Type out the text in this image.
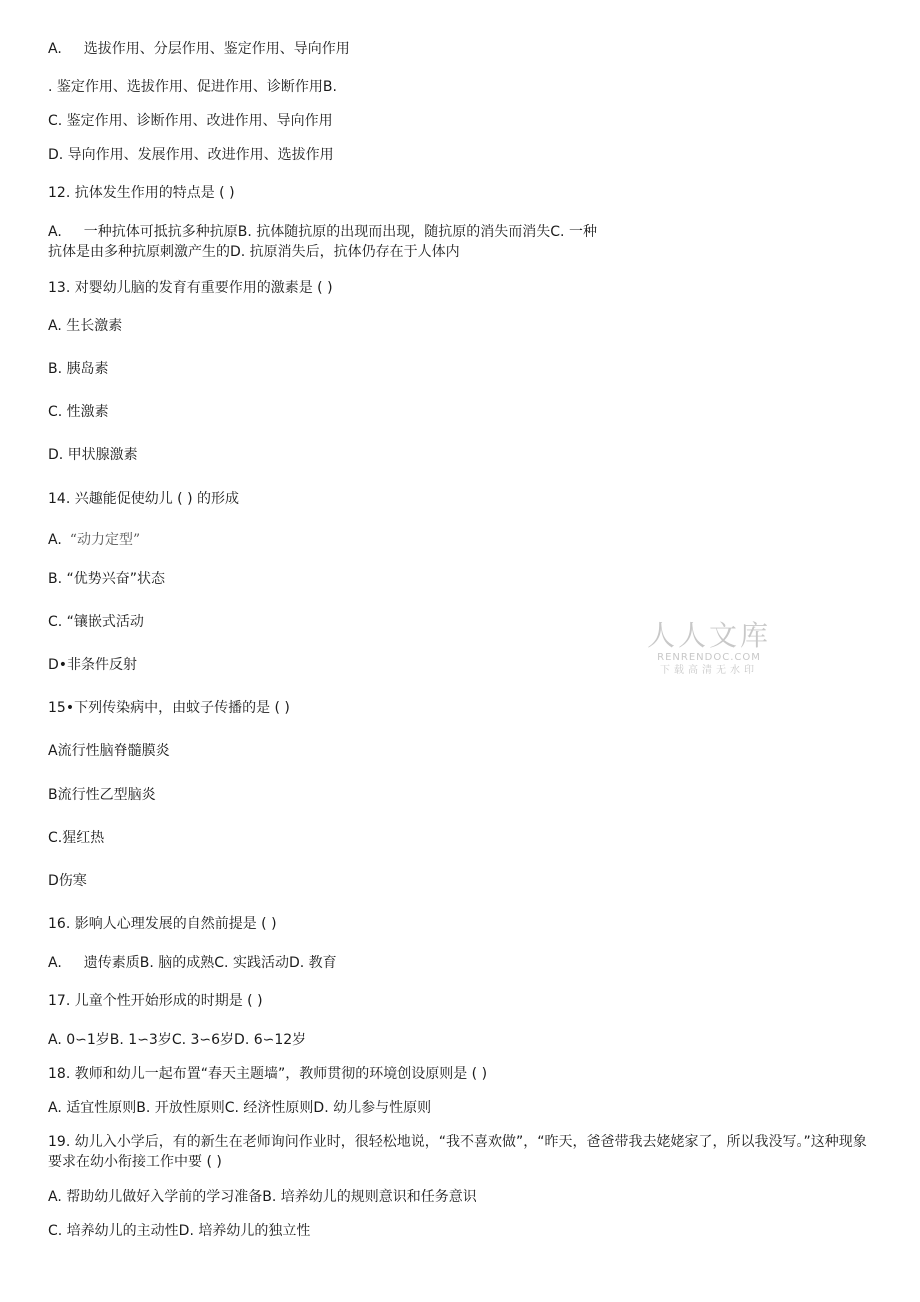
A. 选拔作用、分层作用、鉴定作用、导向作用
. 鉴定作用、选拔作用、促进作用、诊断作用B.
C. 鉴定作用、诊断作用、改进作用、导向作用
D. 导向作用、发展作用、改进作用、选拔作用
12. 抗体发生作用的特点是 ( )
A. 一种抗体可抵抗多种抗原B. 抗体随抗原的出现而出现，随抗原的消失而消失C. 一种抗体是由多种抗原刺激产生的D. 抗原消失后，抗体仍存在于人体内
13. 对婴幼儿脑的发育有重要作用的激素是 ( )
A. 生长激素
B. 胰岛素
C. 性激素
D. 甲状腺激素
14. 兴趣能促使幼儿 ( ) 的形成
A. “动力定型”
B. “优势兴奋”状态
C. “镶嵌式活动
D•非条件反射
15•下列传染病中，由蚊子传播的是 ( )
A流行性脑脊髓膜炎
B流行性乙型脑炎
C.猩红热
D伤寒
16. 影响人心理发展的自然前提是 ( )
A. 遗传素质B. 脑的成熟C. 实践活动D. 教育
17. 儿童个性开始形成的时期是 ( )
A. 0∽1岁B. 1∽3岁C. 3∽6岁D. 6∽12岁
18. 教师和幼儿一起布置“春天主题墙”，教师贯彻的环境创设原则是 ( )
A. 适宜性原则B. 开放性原则C. 经济性原则D. 幼儿参与性原则
19. 幼儿入小学后，有的新生在老师询问作业时，很轻松地说，“我不喜欢做”，“昨天，爸爸带我去姥姥家了，所以我没写。”这种现象要求在幼小衔接工作中要 ( )
A. 帮助幼儿做好入学前的学习准备B. 培养幼儿的规则意识和任务意识
C. 培养幼儿的主动性D. 培养幼儿的独立性
人人文库
RENRENDOC.COM
下载高清无水印
